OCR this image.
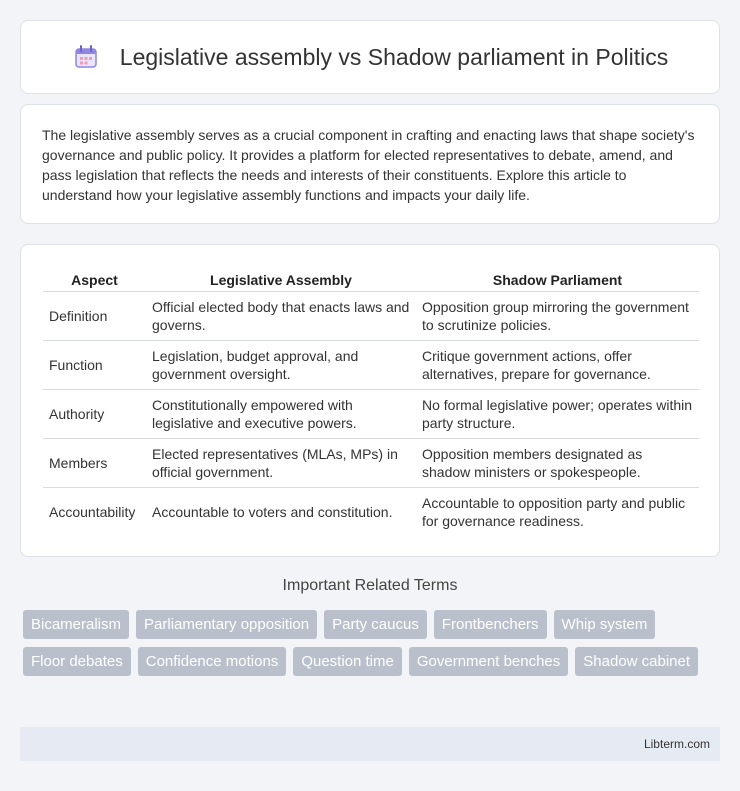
Legislative assembly vs Shadow parliament in Politics

The legislative assembly serves as a crucial component in crafting and enacting laws that shape society's governance and public policy. It provides a platform for elected representatives to debate, amend, and pass legislation that reflects the needs and interests of their constituents. Explore this article to understand how your legislative assembly functions and impacts your daily life.

Aspect	Legislative Assembly	Shadow Parliament
Definition	Official elected body that enacts laws and governs.	Opposition group mirroring the government to scrutinize policies.
Function	Legislation, budget approval, and government oversight.	Critique government actions, offer alternatives, prepare for governance.
Authority	Constitutionally empowered with legislative and executive powers.	No formal legislative power; operates within party structure.
Members	Elected representatives (MLAs, MPs) in official government.	Opposition members designated as shadow ministers or spokespeople.
Accountability	Accountable to voters and constitution.	Accountable to opposition party and public for governance readiness.
Important Related Terms
Bicameralism	Parliamentary opposition	Party caucus	Frontbenchers	Whip system
Floor debates	Confidence motions	Question time	Government benches	Shadow cabinet
Libterm.com
